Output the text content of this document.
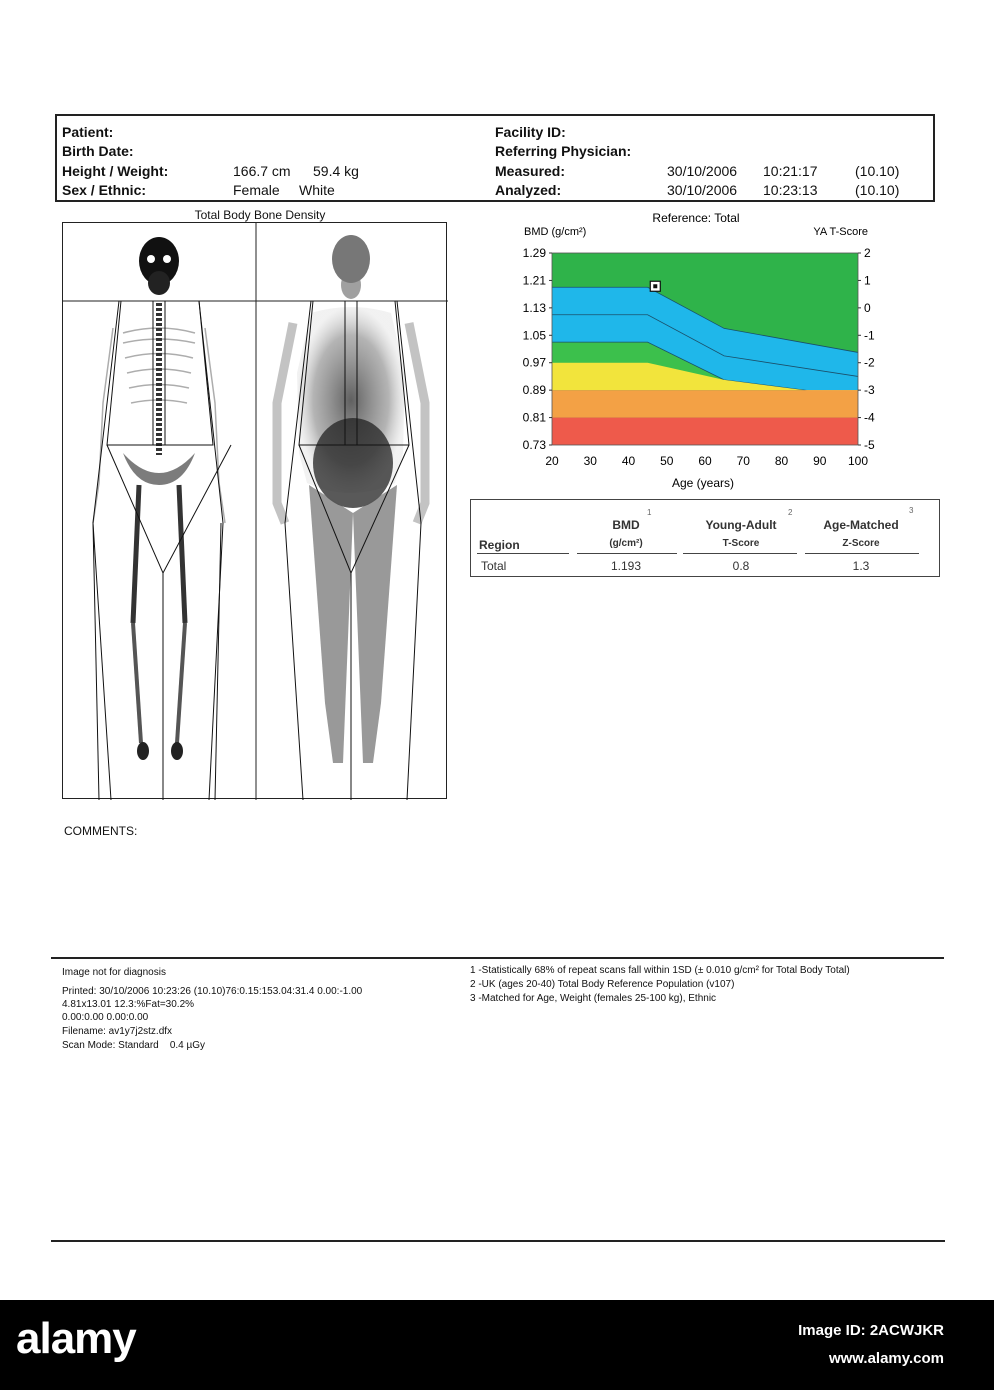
Patient:
Birth Date:
Height / Weight:	166.7 cm 59.4 kg
Sex / Ethnic:	Female White
Facility ID:
Referring Physician:
Measured:	30/10/2006 10:21:17	(10.10)
Analyzed:	30/10/2006 10:23:13	(10.10)
Total Body Bone Density	Reference: Total
BMD (g/cm²)	YA T-Score
Age (years)
20 30 40 50 60 70 80 90 100
1.29
1.21
1.13
1.05
0.97
0.89
0.81
0.73
2
1
0
-1
-2
-3
-4
-5
1	2	3
BMD	Young-Adult	Age-Matched
Region	(g/cm²)	T-Score	Z-Score
Total	1.193	0.8	1.3
COMMENTS:
Image not for diagnosis
Printed: 30/10/2006 10:23:26 (10.10)76:0.15:153.04:31.4 0.00:-1.00
4.81x13.01 12.3:%Fat=30.2%
0.00:0.00 0.00:0.00
Filename: av1y7j2stz.dfx
Scan Mode: Standard    0.4 µGy
1 -Statistically 68% of repeat scans fall within 1SD (± 0.010 g/cm² for Total Body Total)
2 -UK (ages 20-40) Total Body Reference Population (v107)
3 -Matched for Age, Weight (females 25-100 kg), Ethnic
alamy	Image ID: 2ACWJKR
www.alamy.com
